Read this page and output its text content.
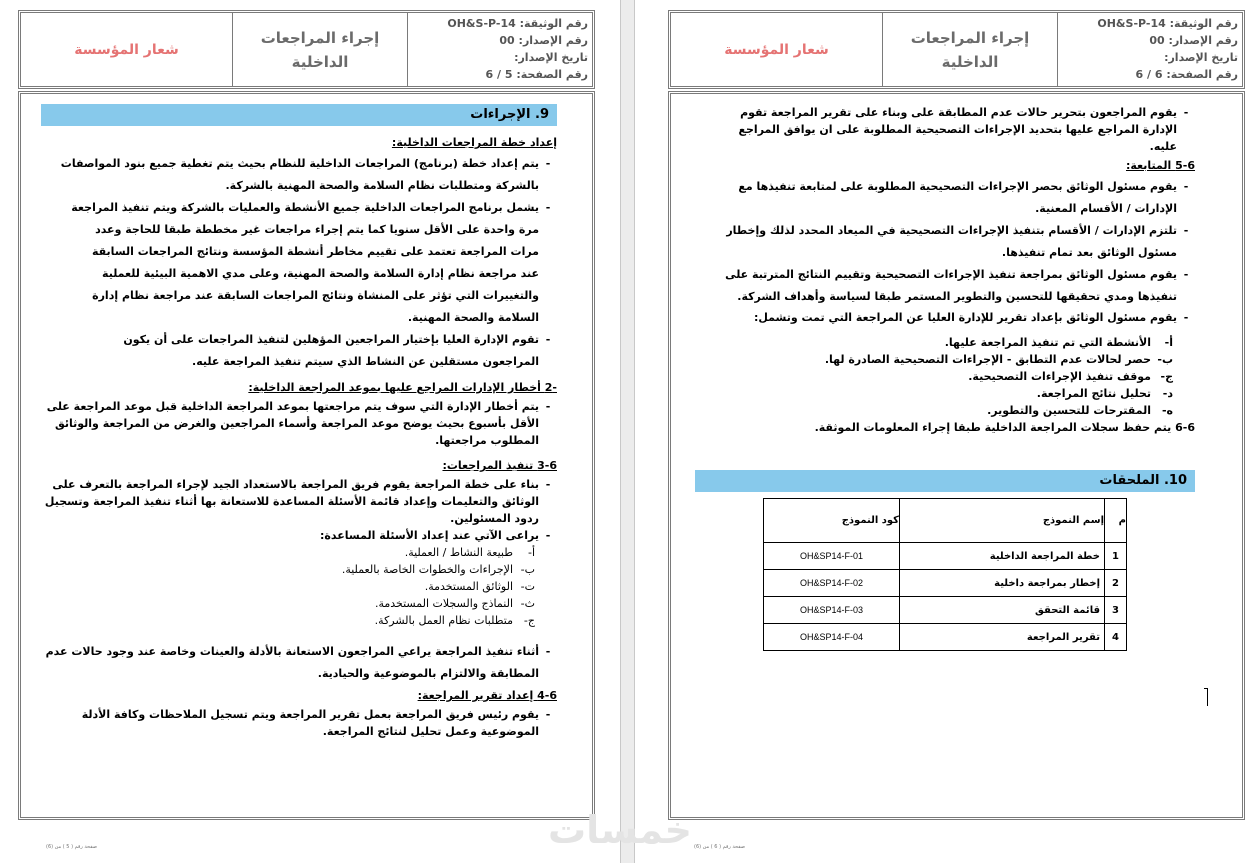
رقم الوثيقة: OH&S-P-14
رقم الإصدار: 00
تاريخ الإصدار:
رقم الصفحة: 5 / 6
إجراء المراجعات الداخلية
شعار المؤسسة
9. الإجراءات
إعداد خطة المراجعات الداخلية:
-
يتم إعداد خطة (برنامج) المراجعات الداخلية للنظام بحيث يتم تغطية جميع بنود المواصفات بالشركة ومتطلبات نظام السلامة والصحة المهنية بالشركة.
-
يشمل برنامج المراجعات الداخلية جميع الأنشطة والعمليات بالشركة ويتم تنفيذ المراجعة مرة واحدة على الأقل سنويا كما يتم إجراء مراجعات غير مخططة طبقا للحاجة وعدد مرات المراجعة تعتمد على تقييم مخاطر أنشطة المؤسسة ونتائج المراجعات السابقة عند مراجعة نظام إدارة السلامة والصحة المهنية، وعلى مدي الاهمية البيئية للعملية والتغييرات التي تؤثر على المنشاة ونتائج المراجعات السابقة عند مراجعة نظام إدارة السلامة والصحة المهنية.
-
تقوم الإدارة العليا بإختيار المراجعين المؤهلين لتنفيذ المراجعات على أن يكون المراجعون مستقلين عن النشاط الذي سيتم تنفيذ المراجعة عليه.
-2 أخطار الإدارات المراجع عليها بموعد المراجعة الداخلية:
-
يتم أخطار الإدارة التي سوف يتم مراجعتها بموعد المراجعة الداخلية قبل موعد المراجعة على الأقل بأسبوع بحيث يوضح موعد المراجعة وأسماء المراجعين والغرض من المراجعة والوثائق المطلوب مراجعتها.
3-6 تنفيذ المراجعات:
-
بناء على خطة المراجعة يقوم فريق المراجعة بالاستعداد الجيد لإجراء المراجعة بالتعرف على الوثائق والتعليمات وإعداد قائمة الأسئلة المساعدة للاستعانة بها أثناء تنفيذ المراجعة وتسجيل ردود المسئولين.
-
يراعى الآتي عند إعداد الأسئلة المساعدة:
أ-
طبيعة النشاط / العملية.
ب-
الإجراءات والخطوات الخاصة بالعملية.
ت-
الوثائق المستخدمة.
ث-
النماذج والسجلات المستخدمة.
ج-
متطلبات نظام العمل بالشركة.
-
أثناء تنفيذ المراجعة يراعي المراجعون الاستعانة بالأدلة والعينات وخاصة عند وجود حالات عدم المطابقة والالتزام بالموضوعية والحيادية.
4-6 إعداد تقرير المراجعة:
-
يقوم رئيس فريق المراجعة بعمل تقرير المراجعة ويتم تسجيل الملاحظات وكافة الأدلة الموضوعية وعمل تحليل لنتائج المراجعة.
صفحة رقم ( 5 ) من (6)
رقم الوثيقة: OH&S-P-14
رقم الإصدار: 00
تاريخ الإصدار:
رقم الصفحة: 6 / 6
إجراء المراجعات الداخلية
شعار المؤسسة
-
يقوم المراجعون بتحرير حالات عدم المطابقة على وبناء على تقرير المراجعة تقوم الإدارة المراجع عليها بتحديد الإجراءات التصحيحية المطلوبة على ان يوافق المراجع عليه.
5-6 المتابعة:
-
يقوم مسئول الوثائق بحصر الإجراءات التصحيحية المطلوبة على لمتابعة تنفيذها مع الإدارات / الأقسام المعنية.
-
تلتزم الإدارات / الأقسام بتنفيذ الإجراءات التصحيحية في الميعاد المحدد لذلك وإخطار مسئول الوثائق بعد تمام تنفيذها.
-
يقوم مسئول الوثائق بمراجعة تنفيذ الإجراءات التصحيحية وتقييم النتائج المترتبة على تنفيذها ومدي تحقيقها للتحسين والتطوير المستمر طبقا لسياسة وأهداف الشركة.
-
يقوم مسئول الوثائق بإعداد تقرير للإدارة العليا عن المراجعة التي تمت وتشمل:
أ-
الأنشطة التي تم تنفيذ المراجعة عليها.
ب-
حصر لحالات عدم التطابق - الإجراءات التصحيحية الصادرة لها.
ج-
موقف تنفيذ الإجراءات التصحيحية.
د-
تحليل نتائج المراجعة.
ه-
المقترحات للتحسين والتطوير.
6-6 يتم حفظ سجلات المراجعة الداخلية طبقا إجراء المعلومات الموثقة.
10. الملحقات
م	إسم النموذج	كود النموذج
1	خطة المراجعة الداخلية	OH&SP14-F-01
2	إخطار بمراجعة داخلية	OH&SP14-F-02
3	قائمة التحقق	OH&SP14-F-03
4	تقرير المراجعة	OH&SP14-F-04
صفحة رقم ( 6 ) من (6)
خمسات
